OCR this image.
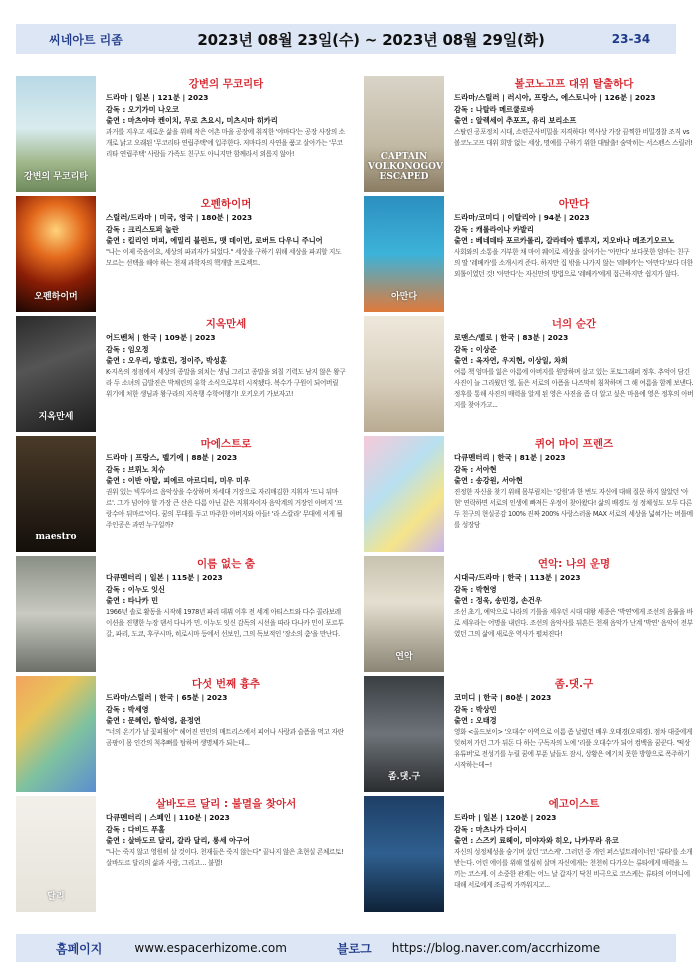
씨네아트 리좀	2023년 08월 23일(수) ~ 2023년 08월 29일(화)	23-34
강변의 무코리타
강변의 무코리타
드라마 | 일본 | 121분 | 2023
감독 : 오기가미 나오코
출연 : 마츠야마 켄이치, 무로 츠요시, 미츠시마 히카리
과거를 지우고 새로운 삶을 위해 작은 어촌 마을 공장에 취직한 '야마다'는 공장 사장의 소개로 낡고 오래된 '무코리타 연립주택'에 입주한다. 저마다의 사연을 품고 살아가는 '무코리타 연립주택' 사람들 가족도 친구도 아니지만 함께라서 외롭지 않아!
오펜하이머
오펜하이머
스릴러/드라마 | 미국, 영국 | 180분 | 2023
감독 : 크리스토퍼 놀란
출연 : 킬리언 머피, 에밀리 블런트, 맷 데이먼, 로버트 다우니 주니어
"나는 이제 죽음이요, 세상의 파괴자가 되었다." 세상을 구하기 위해 세상을 파괴할 지도 모르는 선택을 해야 하는 천재 과학자의 핵개발 프로젝트.
지옥만세
지옥만세
어드벤처 | 한국 | 109분 | 2023
감독 : 임오정
출연 : 오우리, 방효린, 정이주, 박성훈
K-지옥의 정점에서 세상의 종말을 외치는 생님 그리고 종말을 외칠 기력도 남지 않은 왕구라 두 소녀의 급발진은 박채린의 유학 소식으로부터 시작됐다. 복수가 구원이 되어버릴 위기에 처한 생님과 왕구라의 지옥행 수학여행기! 오키오키 가보자고!
maestro
마에스트로
드라마 | 프랑스, 벨기에 | 88분 | 2023
감독 : 브뤼노 치슈
출연 : 이반 아탈, 피에르 아르디티, 미우 미우
권위 있는 빅투아르 음악상을 수상하며 차세대 거장으로 자리매김한 지휘자 '드니 뒤마르'. 그가 넘어야 할 가장 큰 산은 다름 아닌 같은 지휘자이자 음악계의 거장인 아버지 '프랑수아 뒤마르'이다. 꿈의 무대를 두고 마주한 아버지와 아들! '라 스칼라' 무대에 서게 될 주인공은 과연 누구일까?
이름 없는 춤
다큐멘터리 | 일본 | 115분 | 2023
감독 : 이누도 잇신
출연 : 타나카 민
1966년 솔로 활동을 시작해 1978년 파리 데뷔 이후 전 세계 아티스트와 다수 콜라보레이션을 진행한 누장 댄서 다나카 민. 이누도 잇신 감독의 시선을 따라 다나카 민이 포르투갈, 파리, 도쿄, 후쿠시마, 히로시마 등에서 선보인, 그의 독보적인 '장소의 춤'을 만난다.
다섯 번째 흉추
드라마/스릴러 | 한국 | 65분 | 2023
감독 : 박세영
출연 : 문혜인, 함석영, 윤정연
"너의 온기가 날 꽃피웠어" 헤어진 연인의 매트리스에서 피어나 사랑과 슬픔을 먹고 자란 곰팡이 몸 인간의 척추뼈를 탐하며 생명체가 되는데...
달리
살바도르 달리 : 불멸을 찾아서
다큐멘터리 | 스페인 | 110분 | 2023
감독 : 다비드 푸홀
출연 : 살바도르 달리, 갈라 달리, 롱세 아구어
"나는 죽지 않고 영원히 살 것이다. 천재들은 죽지 않는다" 끝나지 않은 초현실 콘체르토! 살바도르 달리의 삶과 사랑, 그리고… 불멸!
CAPTAIN VOLKONOGOV ESCAPED
볼코노고프 대위 탈출하다
드라마/스릴러 | 러시아, 프랑스, 에스토니아 | 126분 | 2023
감독 : 나탈라 메르쿨로바
출연 : 알렉세이 추포프, 유리 보리소프
스탈린 공포정치 시대, 소련군사비밀을 저격하다! 역사상 가장 끔찍한 비밀경찰 조직 vs 볼코노고프 대위 희망 없는 세상, 명예를 구하기 위한 대탈출! 숨막히는 서스펜스 스릴러!
아만다
아만다
드라마/코미디 | 이탈리아 | 94분 | 2023
감독 : 캐롤라이나 카발리
출연 : 베네데타 포르카롤리, 갈라테아 벨루지, 지오바나 메조기오르노
사회와의 소통을 거부한 채 마이 웨이로 세상을 살아가는 '아만다' 보다못한 엄마는 친구의 딸 '레베카'를 소개시켜 준다. 하지만 집 밖을 나가지 않는 '레베카'는 '아만다'보다 더한 외톨이였던 것! '아만다'는 자신만의 방법으로 '레베카'에게 접근하지만 쉽지가 않다.
너의 순간
로맨스/멜로 | 한국 | 83분 | 2023
감독 : 이상준
출연 : 옥자연, 우지현, 이상일, 차희
여름 책 엄마를 잃은 아름에 아버지를 원망하며 살고 있는 포토그래퍼 정후. 추억이 담긴 사진이 늘 그리웠던 영, 둘은 서로의 아픔을 나즈막히 침착하며 그 해 여름을 함께 보낸다. 정후를 통해 사진의 매력을 알게 된 영은 사진을 좀 더 알고 싶은 마음에 영은 정후의 아버지를 찾아가고...
퀴어 마이 프렌즈
다큐멘터리 | 한국 | 81분 | 2023
감독 : 서아현
출연 : 송강원, 서아현
진정한 자신을 찾기 위해 몸부림치는 '강원'과 한 번도 자신에 대해 질문 하지 않았던 '아현' 연락하면 서로의 인생에 빠져든 우정이 찾아왔다! 삶의 배경도 성 정체성도 모두 다른 두 친구의 현실공감 100% 진짜 200% 사랑스러움 MAX 서로의 세상을 넓혀가는 버틀메를 성장담
연악
연악: 나의 운명
시대극/드라마 | 한국 | 113분 | 2023
감독 : 박현영
출연 : 정욱, 송민경, 손건우
조선 초기, 예악으로 나라의 기틀을 세우던 시대 대왕 세종은 '박연'에게 조선의 음률을 바로 세우라는 어명을 내린다. 조선의 음악사를 뒤흔든 천재 음악가 난계 '박연' 음악이 전부였던 그의 삶에 새로운 역사가 펼쳐진다!
좀.댓.구
좀.댓.구
코미디 | 한국 | 80분 | 2023
감독 : 박상민
출연 : 오태경
영화 <올드보이> '오대수' 아역으로 이름 좀 날렸던 배우 오태경(오태경). 점차 대중에게 잊혀져 가던 그가 뒤돈 다 하는 구독자의 노예 '리플 오대수'가 되어 컴백을 꿈꾼다. '떡상 유튜버'로 전성기를 누릴 꿈에 부푼 날들도 잠시, 상황은 예기치 못한 방향으로 폭주하기 시작하는데~!
에고이스트
드라마 | 일본 | 120분 | 2023
감독 : 마츠나가 다이시
출연 : 스즈키 료헤이, 미야자와 히오, 나카무라 유코
자신의 성정체성을 숨기며 살던 '코스케'. 그러던 중 개인 퍼스널트레이너인 '류타'를 소개받는다. 어린 에이를 위해 열심히 살며 자신에게는 천천히 다가오는 류타에게 매력을 느끼는 코스케. 이 소중한 관계는 어느 날 갑자기 닥친 비극으로 코스케는 류타의 어머니에 대해 서로에게 조금씩 가까워지고...
홈페이지	www.espacerhizome.com	블로그 https://blog.naver.com/accrhizome
